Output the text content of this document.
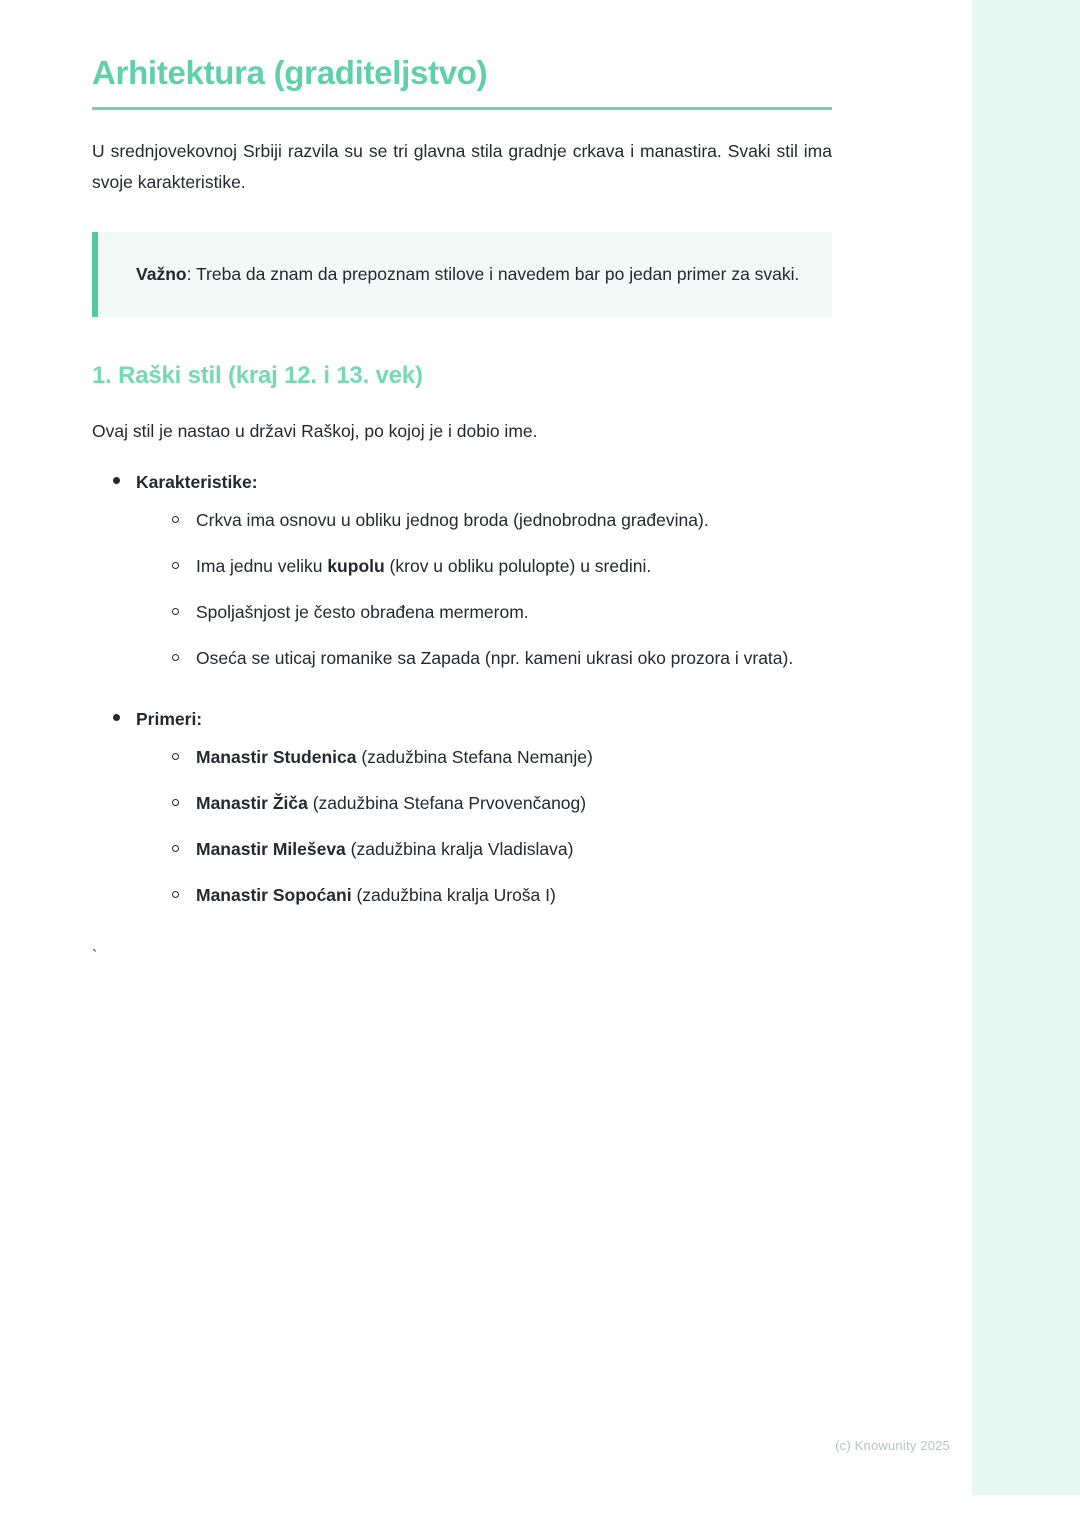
Arhitektura (graditeljstvo)

U srednjovekovnoj Srbiji razvila su se tri glavna stila gradnje crkava i manastira. Svaki stil ima svoje karakteristike.

Važno: Treba da znam da prepoznam stilove i navedem bar po jedan primer za svaki.

1. Raški stil (kraj 12. i 13. vek)

Ovaj stil je nastao u državi Raškoj, po kojoj je i dobio ime.

Karakteristike:
Crkva ima osnovu u obliku jednog broda (jednobrodna građevina).
Ima jednu veliku kupolu (krov u obliku polulopte) u sredini.
Spoljašnjost je često obrađena mermerom.
Oseća se uticaj romanike sa Zapada (npr. kameni ukrasi oko prozora i vrata).
Primeri:
Manastir Studenica (zadužbina Stefana Nemanje)
Manastir Žiča (zadužbina Stefana Prvovenčanog)
Manastir Mileševa (zadužbina kralja Vladislava)
Manastir Sopoćani (zadužbina kralja Uroša I)
`
(c) Knowunity 2025
